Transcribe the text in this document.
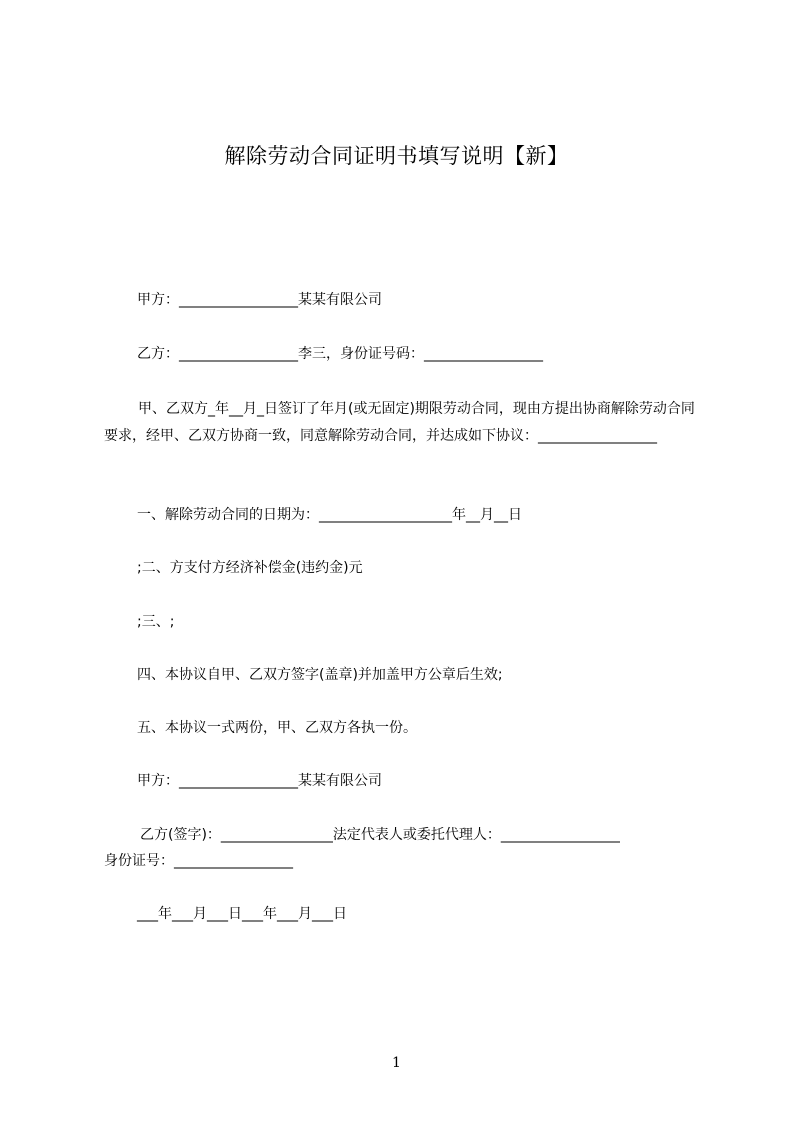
解除劳动合同证明书填写说明【新】
甲方：_________________某某有限公司
乙方：_________________李三，身份证号码：_________________
甲、乙双方_年__月_日签订了年月(或无固定)期限劳动合同，现由方提出协商解除劳动合同要求，经甲、乙双方协商一致，同意解除劳动合同，并达成如下协议：_________________
一、解除劳动合同的日期为：___________________年__月__日
;二、方支付方经济补偿金(违约金)元
;三、;
四、本协议自甲、乙双方签字(盖章)并加盖甲方公章后生效;
五、本协议一式两份，甲、乙双方各执一份。
甲方：_________________某某有限公司
乙方(签字)：________________法定代表人或委托代理人：_________________
身份证号：_________________
___年___月___日___年___月___日
1
